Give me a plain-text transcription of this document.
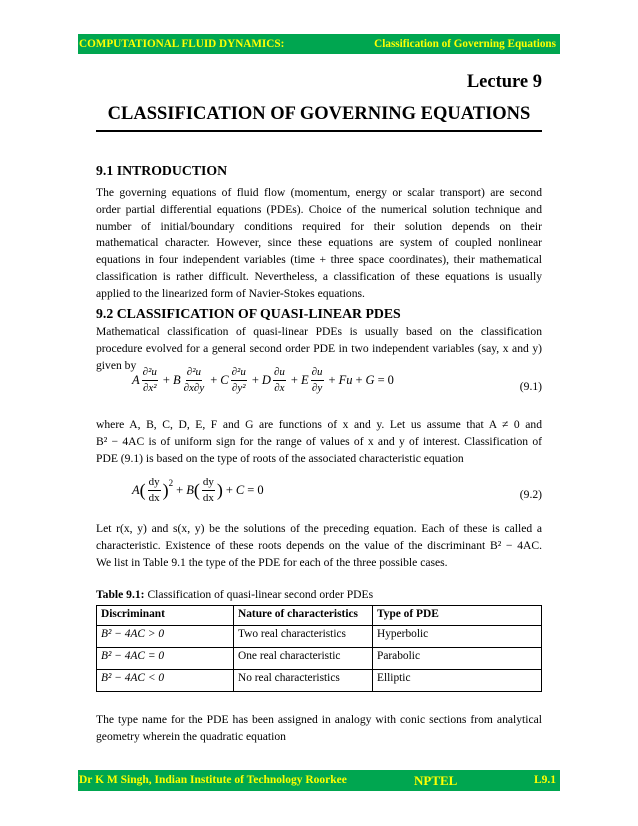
COMPUTATIONAL FLUID DYNAMICS:	Classification of Governing Equations
Lecture 9
CLASSIFICATION OF GOVERNING EQUATIONS
9.1 INTRODUCTION
The governing equations of fluid flow (momentum, energy or scalar transport) are second
order partial differential equations (PDEs). Choice of the numerical solution technique and
number of initial/boundary conditions required for their solution depends on their
mathematical character. However, since these equations are system of coupled nonlinear
equations in four independent variables (time + three space coordinates), their mathematical
classification is rather difficult. Nevertheless, a classification of these equations is usually
applied to the linearized form of Navier-Stokes equations.
9.2 CLASSIFICATION OF QUASI-LINEAR PDES
Mathematical classification of quasi-linear PDEs is usually based on the classification
procedure evolved for a general second order PDE in two independent variables (say, x and y)
given by
A $\frac{\text{∂²u}}{\text{∂x²}} + B \frac{\text{∂²u}}{\partial x\partial y} + C \frac{\text{∂²u}}{\text{∂y²}} + D \frac{\partial u}{\partial x} + E \frac{\partial u}{\partial y} + Fu + G = 0$	(9.1)
where A, B, C, D, E, F and G are functions of x and y. Let us assume that A ≠ 0 and
B² − 4AC is of uniform sign for the range of values of x and y of interest. Classification of
PDE (9.1) is based on the type of roots of the associated characteristic equation
A ( $\frac{dy}{dx} )^2$
+ B ( $\frac{dy}{dx}$ ) + C = 0	(9.2)
Let r(x, y) and s(x, y) be the solutions of the preceding equation. Each of these is called a
characteristic. Existence of these roots depends on the value of the discriminant B² − 4AC.
We list in Table 9.1 the type of the PDE for each of the three possible cases.
Table 9.1: Classification of quasi-linear second order PDEs
Discriminant	Nature of characteristics	Type of PDE
B² − 4AC > 0	Two real characteristics	Hyperbolic
B² − 4AC = 0	One real characteristic	Parabolic
B² − 4AC < 0	No real characteristics	Elliptic
The type name for the PDE has been assigned in analogy with conic sections from analytical
geometry wherein the quadratic equation
Dr K M Singh, Indian Institute of Technology Roorkee	NPTEL	L9.1
